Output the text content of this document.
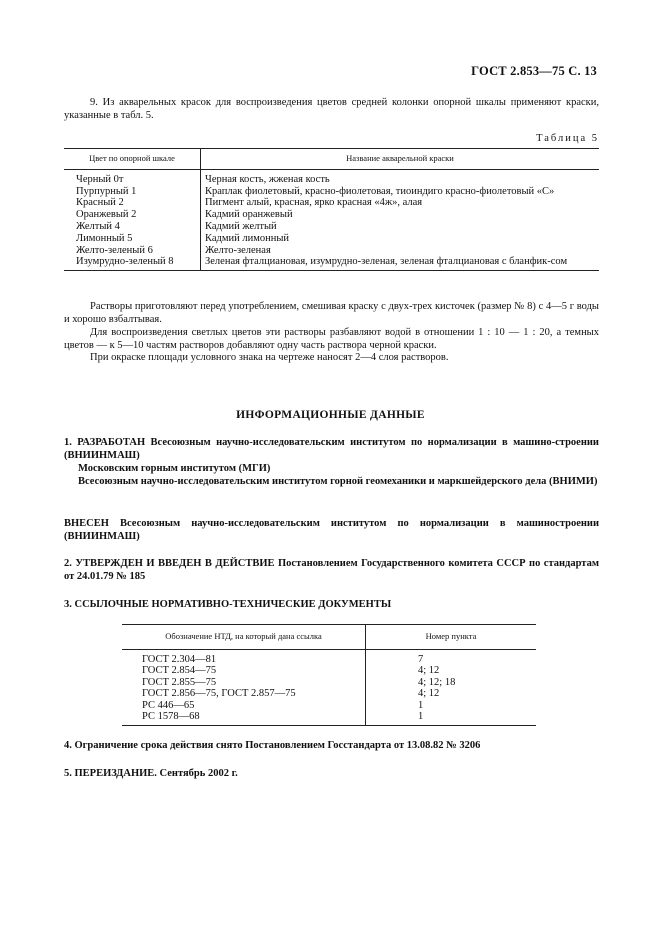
ГОСТ 2.853—75 С. 13
9. Из акварельных красок для воспроизведения цветов средней колонки опорной шкалы применяют краски, указанные в табл. 5.
Таблица 5
Цвет по опорной шкале	Название акварельной краски
Черный 0т	Черная кость, жженая кость
Пурпурный 1	Краплак фиолетовый, красно-фиолетовая, тиоиндиго красно-фиолетовый «С»
Красный 2	Пигмент алый, красная, ярко красная «4ж», алая
Оранжевый 2	Кадмий оранжевый
Желтый 4	Кадмий желтый
Лимонный 5	Кадмий лимонный
Желто-зеленый 6	Желто-зеленая
Изумрудно-зеленый 8	Зеленая фталциановая, изумрудно-зеленая, зеленая фталциановая с бланфик-сом
Растворы приготовляют перед употреблением, смешивая краску с двух-трех кисточек (размер № 8) с 4—5 г воды и хорошо взбалтывая.
Для воспроизведения светлых цветов эти растворы разбавляют водой в отношении 1 : 10 — 1 : 20, а темных цветов — к 5—10 частям растворов добавляют одну часть раствора черной краски.
При окраске площади условного знака на чертеже наносят 2—4 слоя растворов.
ИНФОРМАЦИОННЫЕ ДАННЫЕ
1. РАЗРАБОТАН Всесоюзным научно-исследовательским институтом по нормализации в машино-строении (ВНИИНМАШ)
Московским горным институтом (МГИ)
Всесоюзным научно-исследовательским институтом горной геомеханики и маркшейдерского дела (ВНИМИ)
ВНЕСЕН Всесоюзным научно-исследовательским институтом по нормализации в машиностроении (ВНИИНМАШ)
2. УТВЕРЖДЕН И ВВЕДЕН В ДЕЙСТВИЕ Постановлением Государственного комитета СССР по стандартам от 24.01.79 № 185
3. ССЫЛОЧНЫЕ НОРМАТИВНО-ТЕХНИЧЕСКИЕ ДОКУМЕНТЫ
Обозначение НТД, на который дана ссылка	Номер пункта
ГОСТ 2.304—81	7
ГОСТ 2.854—75	4; 12
ГОСТ 2.855—75	4; 12; 18
ГОСТ 2.856—75, ГОСТ 2.857—75	4; 12
РС 446—65	1
РС 1578—68	1
4. Ограничение срока действия снято Постановлением Госстандарта от 13.08.82 № 3206
5. ПЕРЕИЗДАНИЕ. Сентябрь 2002 г.
